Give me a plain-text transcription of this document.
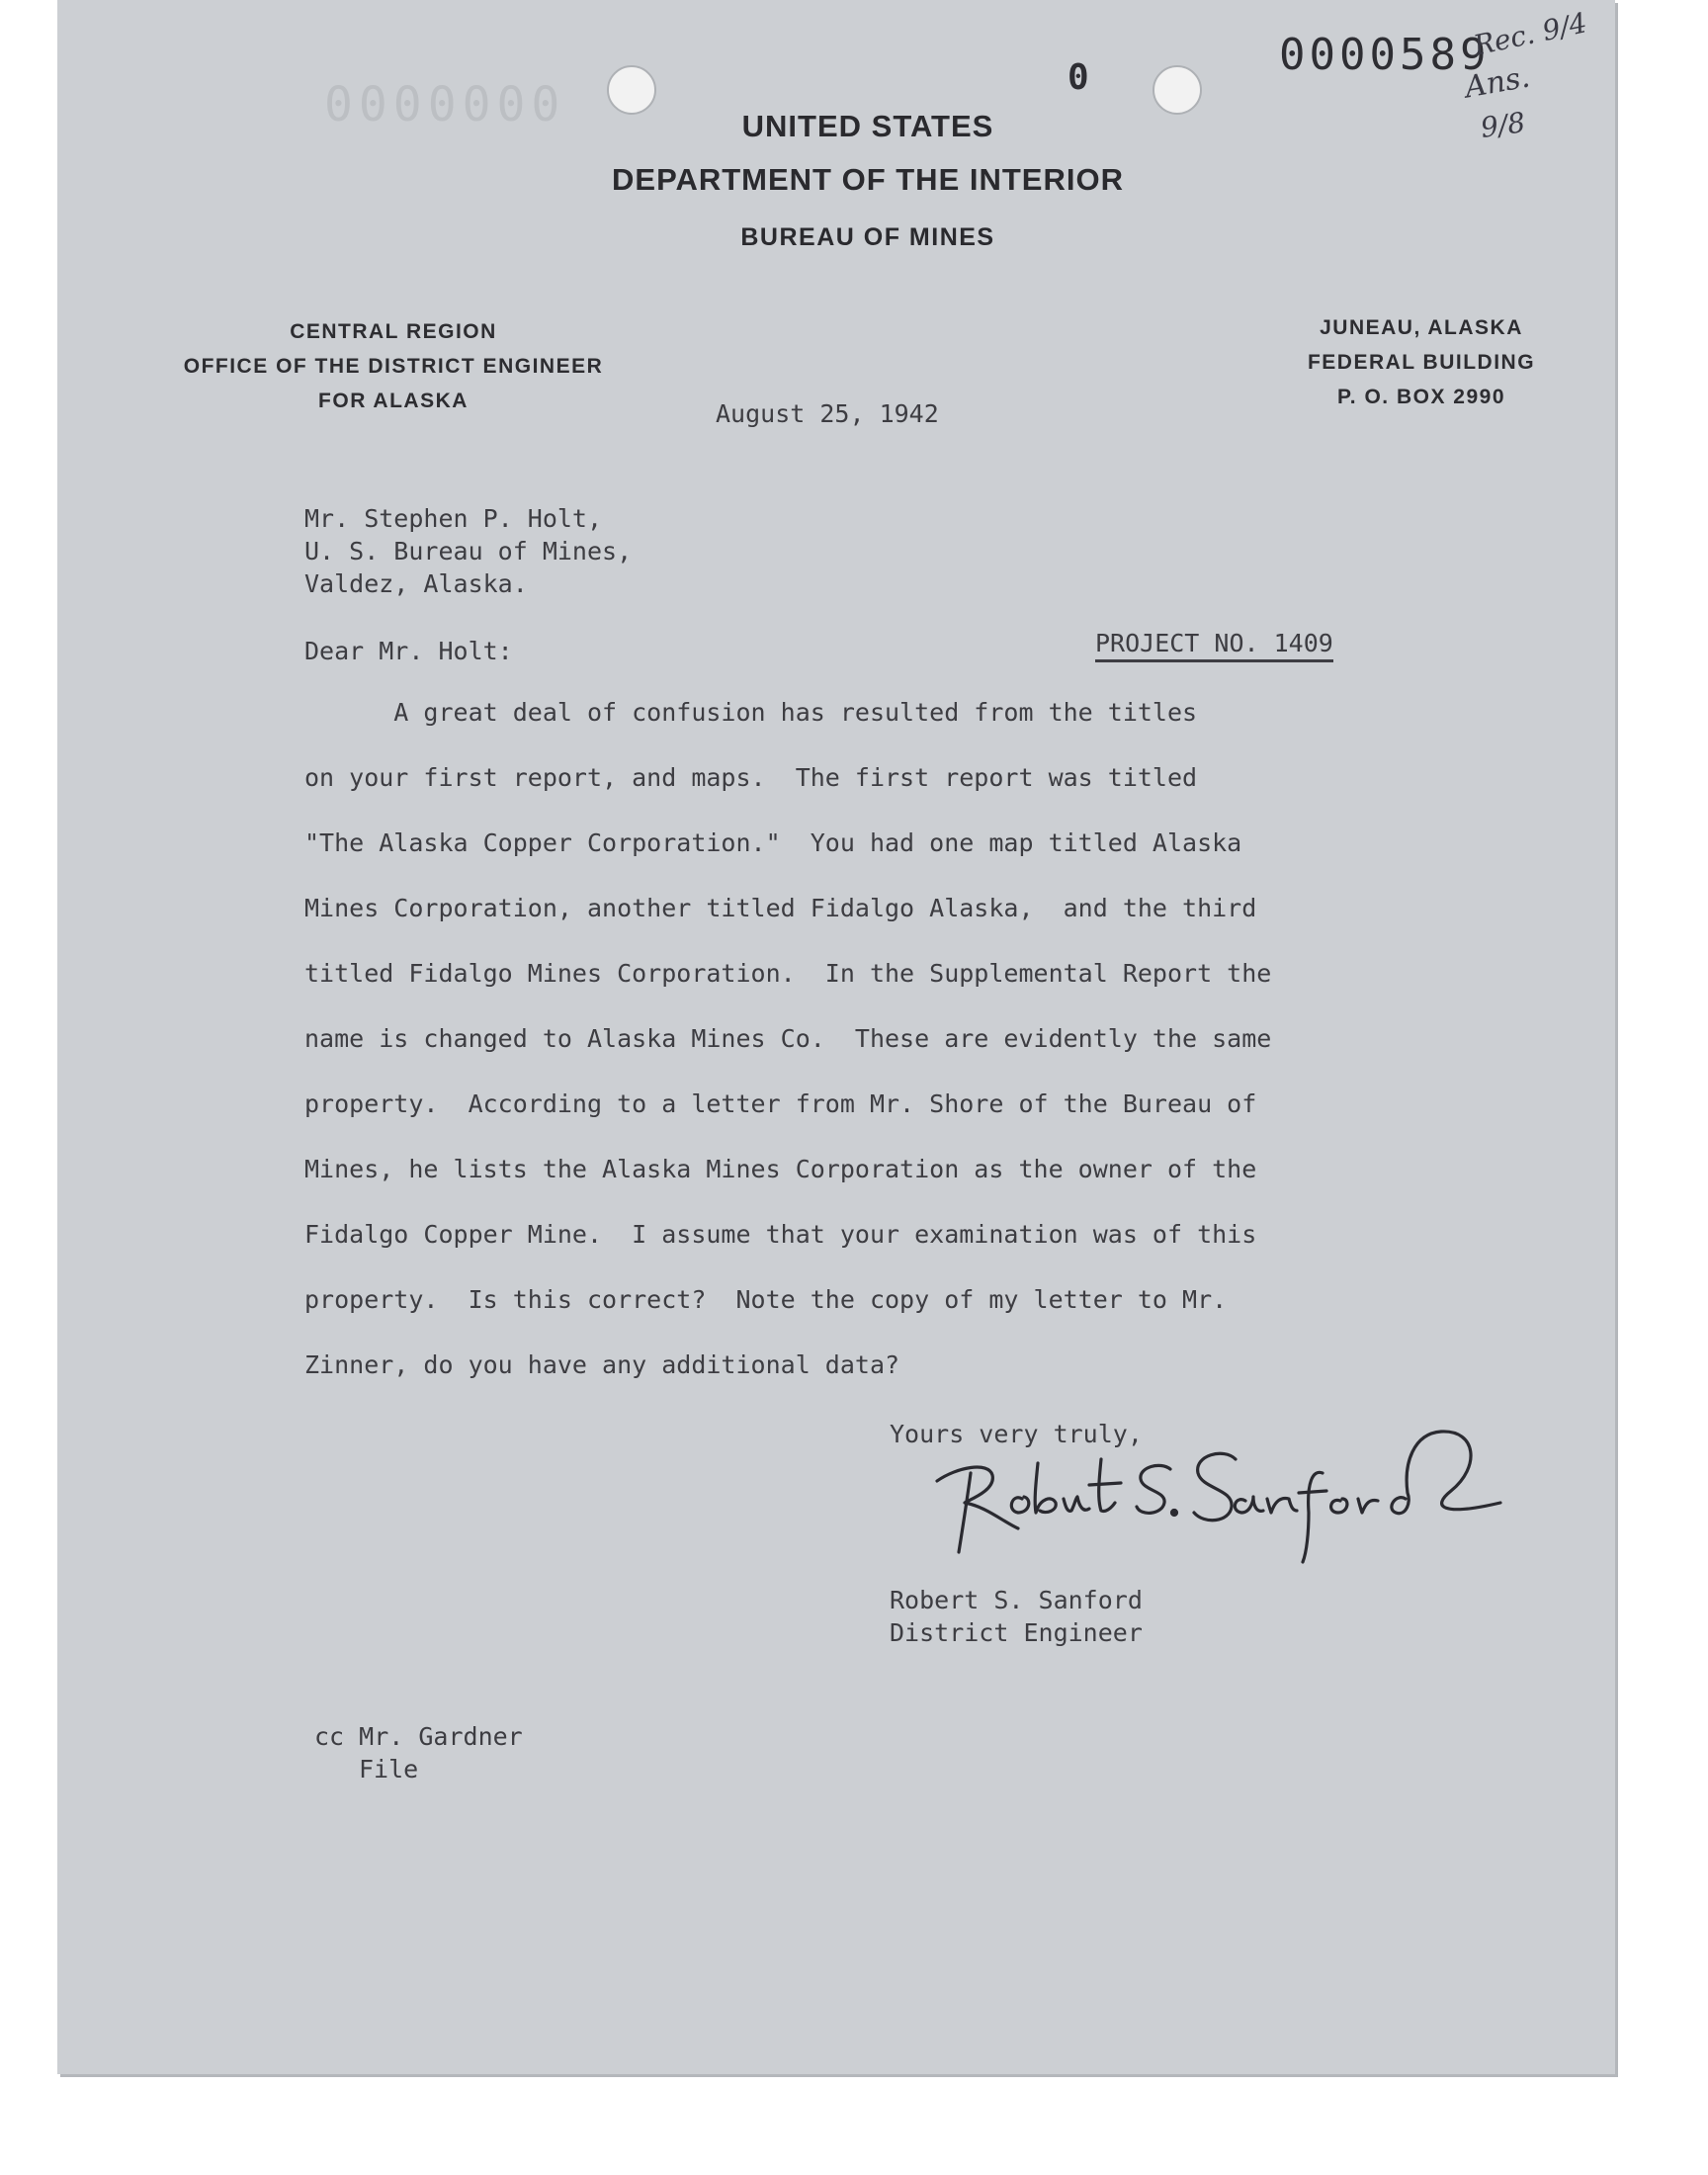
0000000	0	0000589
Rec. 9/4
Ans.
9/8
UNITED STATES
DEPARTMENT OF THE INTERIOR
BUREAU OF MINES
CENTRAL REGION
OFFICE OF THE DISTRICT ENGINEER
FOR ALASKA
JUNEAU, ALASKA
FEDERAL BUILDING
P. O. BOX 2990
August 25, 1942
Mr. Stephen P. Holt,
U. S. Bureau of Mines,
Valdez, Alaska.
Dear Mr. Holt:	PROJECT NO. 1409
A great deal of confusion has resulted from the titles
on your first report, and maps.  The first report was titled
"The Alaska Copper Corporation."  You had one map titled Alaska
Mines Corporation, another titled Fidalgo Alaska,  and the third
titled Fidalgo Mines Corporation.  In the Supplemental Report the
name is changed to Alaska Mines Co.  These are evidently the same
property.  According to a letter from Mr. Shore of the Bureau of
Mines, he lists the Alaska Mines Corporation as the owner of the
Fidalgo Copper Mine.  I assume that your examination was of this
property.  Is this correct?  Note the copy of my letter to Mr.
Zinner, do you have any additional data?
Yours very truly,
Robert S. Sanford
District Engineer
cc Mr. Gardner
File
